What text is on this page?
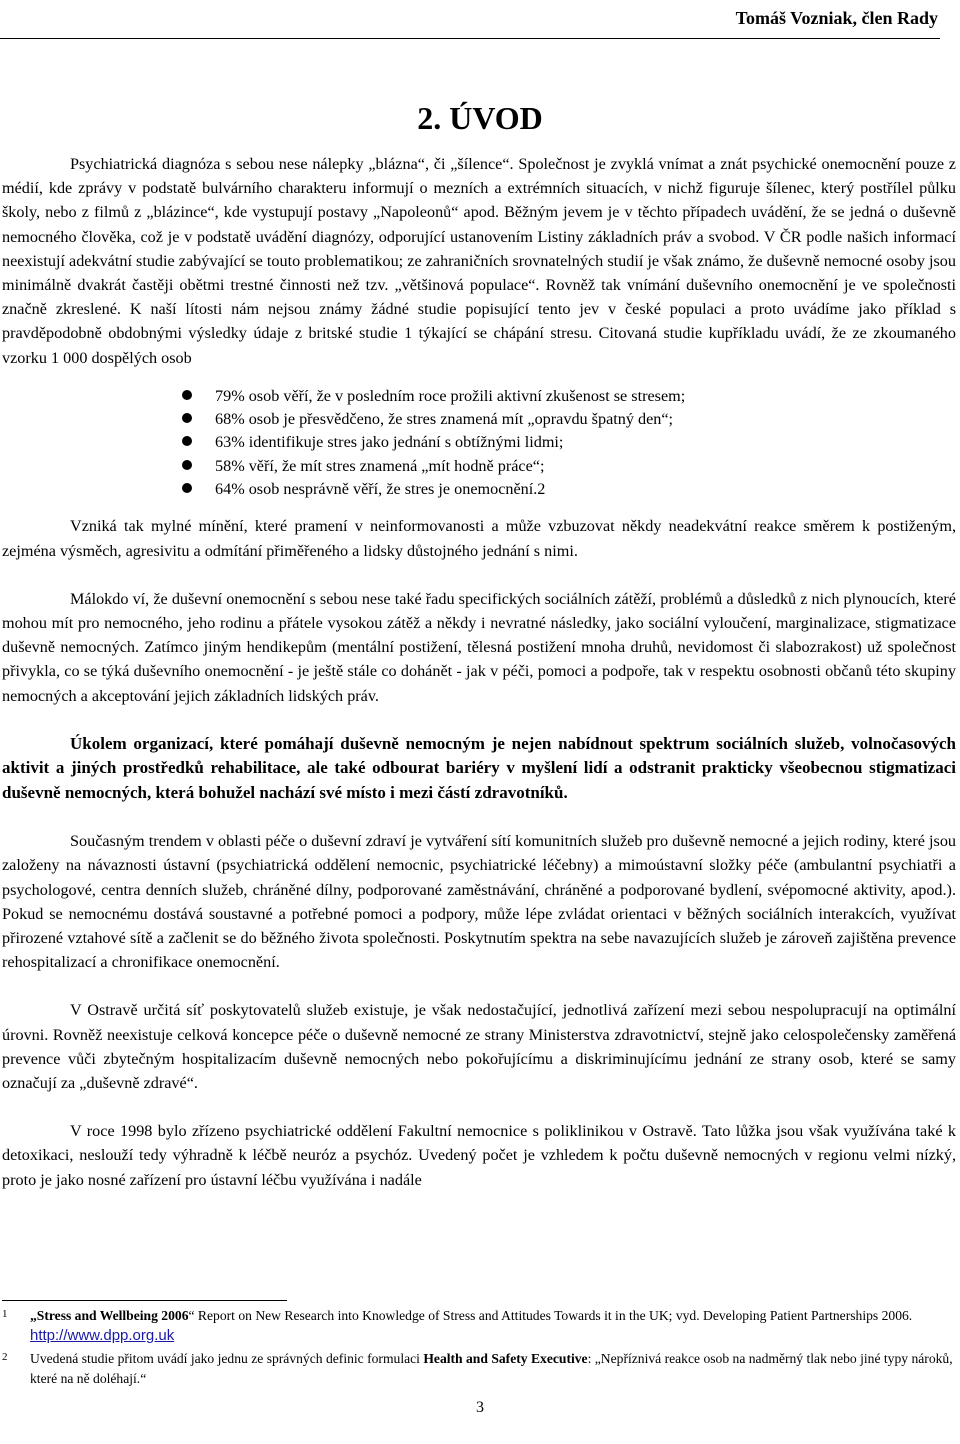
Tomáš Vozniak, člen Rady
2. ÚVOD

Psychiatrická diagnóza s sebou nese nálepky „blázna“, či „šílence“. Společnost je zvyklá vnímat a znát psychické onemocnění pouze z médií, kde zprávy v podstatě bulvárního charakteru informují o mezních a extrémních situacích, v nichž figuruje šílenec, který postřílel půlku školy, nebo z filmů z „blázince“, kde vystupují postavy „Napoleonů“ apod. Běžným jevem je v těchto případech uvádění, že se jedná o duševně nemocného člověka, což je v podstatě uvádění diagnózy, odporující ustanovením Listiny základních práv a svobod. V ČR podle našich informací neexistují adekvátní studie zabývající se touto problematikou; ze zahraničních srovnatelných studií je však známo, že duševně nemocné osoby jsou minimálně dvakrát častěji obětmi trestné činnosti než tzv. „většinová populace“. Rovněž tak vnímání duševního onemocnění je ve společnosti značně zkreslené. K naší lítosti nám nejsou známy žádné studie popisující tento jev v české populaci a proto uvádíme jako příklad s pravděpodobně obdobnými výsledky údaje z britské studie 1 týkající se chápání stresu. Citovaná studie kupříkladu uvádí, že ze zkoumaného vzorku 1 000 dospělých osob

79% osob věří, že v posledním roce prožili aktivní zkušenost se stresem;
68% osob je přesvědčeno, že stres znamená mít „opravdu špatný den“;
63% identifikuje stres jako jednání s obtížnými lidmi;
58% věří, že mít stres znamená „mít hodně práce“;
64% osob nesprávně věří, že stres je onemocnění.2

Vzniká tak mylné mínění, které pramení v neinformovanosti a může vzbuzovat někdy neadekvátní reakce směrem k postiženým, zejména výsměch, agresivitu a odmítání přiměřeného a lidsky důstojného jednání s nimi.

Málokdo ví, že duševní onemocnění s sebou nese také řadu specifických sociálních zátěží, problémů a důsledků z nich plynoucích, které mohou mít pro nemocného, jeho rodinu a přátele vysokou zátěž a někdy i nevratné následky, jako sociální vyloučení, marginalizace, stigmatizace duševně nemocných. Zatímco jiným hendikepům (mentální postižení, tělesná postižení mnoha druhů, nevidomost či slabozrakost) už společnost přivykla, co se týká duševního onemocnění - je ještě stále co dohánět - jak v péči, pomoci a podpoře, tak v respektu osobnosti občanů této skupiny nemocných a akceptování jejich základních lidských práv.

Úkolem organizací, které pomáhají duševně nemocným je nejen nabídnout spektrum sociálních služeb, volnočasových aktivit a jiných prostředků rehabilitace, ale také odbourat bariéry v myšlení lidí a odstranit prakticky všeobecnou stigmatizaci duševně nemocných, která bohužel nachází své místo i mezi částí zdravotníků.

Současným trendem v oblasti péče o duševní zdraví je vytváření sítí komunitních služeb pro duševně nemocné a jejich rodiny, které jsou založeny na návaznosti ústavní (psychiatrická oddělení nemocnic, psychiatrické léčebny) a mimoústavní složky péče (ambulantní psychiatři a psychologové, centra denních služeb, chráněné dílny, podporované zaměstnávání, chráněné a podporované bydlení, svépomocné aktivity, apod.). Pokud se nemocnému dostává soustavné a potřebné pomoci a podpory, může lépe zvládat orientaci v běžných sociálních interakcích, využívat přirozené vztahové sítě a začlenit se do běžného života společnosti. Poskytnutím spektra na sebe navazujících služeb je zároveň zajištěna prevence rehospitalizací a chronifikace onemocnění.

V Ostravě určitá síť poskytovatelů služeb existuje, je však nedostačující, jednotlivá zařízení mezi sebou nespolupracují na optimální úrovni. Rovněž neexistuje celková koncepce péče o duševně nemocné ze strany Ministerstva zdravotnictví, stejně jako celospolečensky zaměřená prevence vůči zbytečným hospitalizacím duševně nemocných nebo pokořujícímu a diskriminujícímu jednání ze strany osob, které se samy označují za „duševně zdravé“.

V roce 1998 bylo zřízeno psychiatrické oddělení Fakultní nemocnice s poliklinikou v Ostravě. Tato lůžka jsou však využívána také k detoxikaci, neslouží tedy výhradně k léčbě neuróz a psychóz. Uvedený počet je vzhledem k počtu duševně nemocných v regionu velmi nízký, proto je jako nosné zařízení pro ústavní léčbu využívána i nadále

1 „Stress and Wellbeing 2006“ Report on New Research into Knowledge of Stress and Attitudes Towards it in the UK; vyd. Developing Patient Partnerships 2006. http://www.dpp.org.uk
2 Uvedená studie přitom uvádí jako jednu ze správných definic formulaci Health and Safety Executive: „Nepříznivá reakce osob na nadměrný tlak nebo jiné typy nároků, které na ně doléhají.“
3
